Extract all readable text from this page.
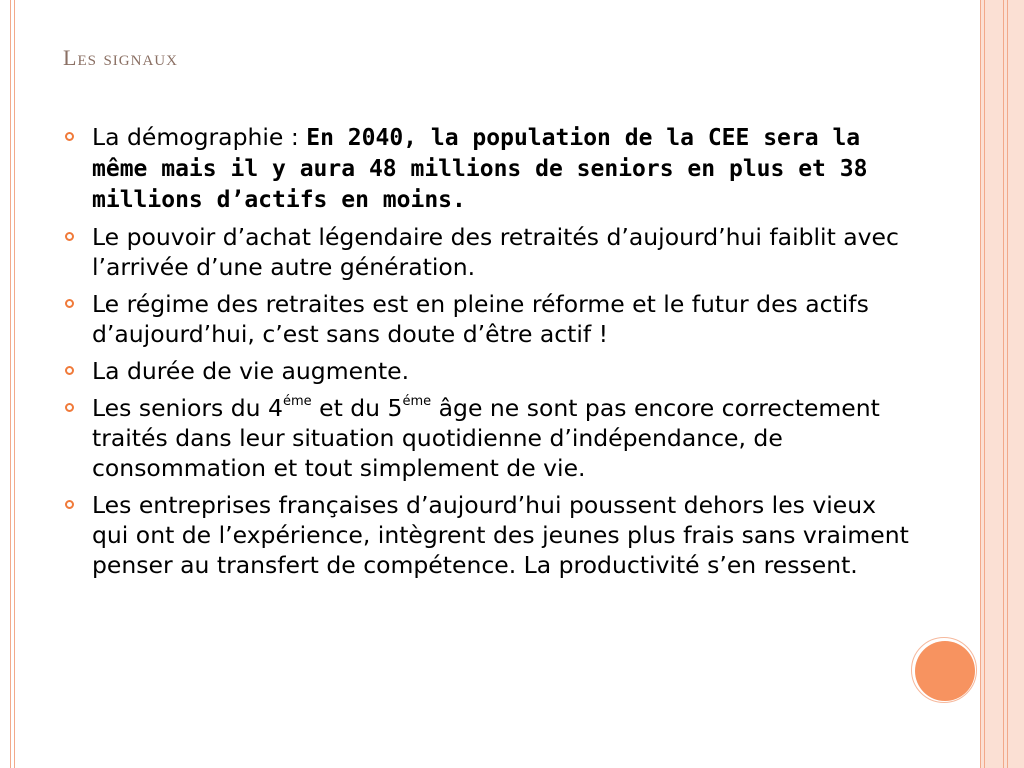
Les signaux
La démographie : En 2040, la population de la CEE sera la même mais il y aura 48 millions de seniors en plus et 38 millions d’actifs en moins.
Le pouvoir d’achat légendaire des retraités d’aujourd’hui faiblit avec l’arrivée d’une autre génération.
Le régime des retraites est en pleine réforme et le futur des actifs d’aujourd’hui, c’est sans doute d’être actif !
La durée de vie augmente.
Les seniors du $4^{éme}$ et du $5^{éme}$ âge ne sont pas encore correctement traités dans leur situation quotidienne d’indépendance, de consommation et tout simplement de vie.
Les entreprises françaises d’aujourd’hui poussent dehors les vieux qui ont de l’expérience, intègrent des jeunes plus frais sans vraiment penser au transfert de compétence. La productivité s’en ressent.
